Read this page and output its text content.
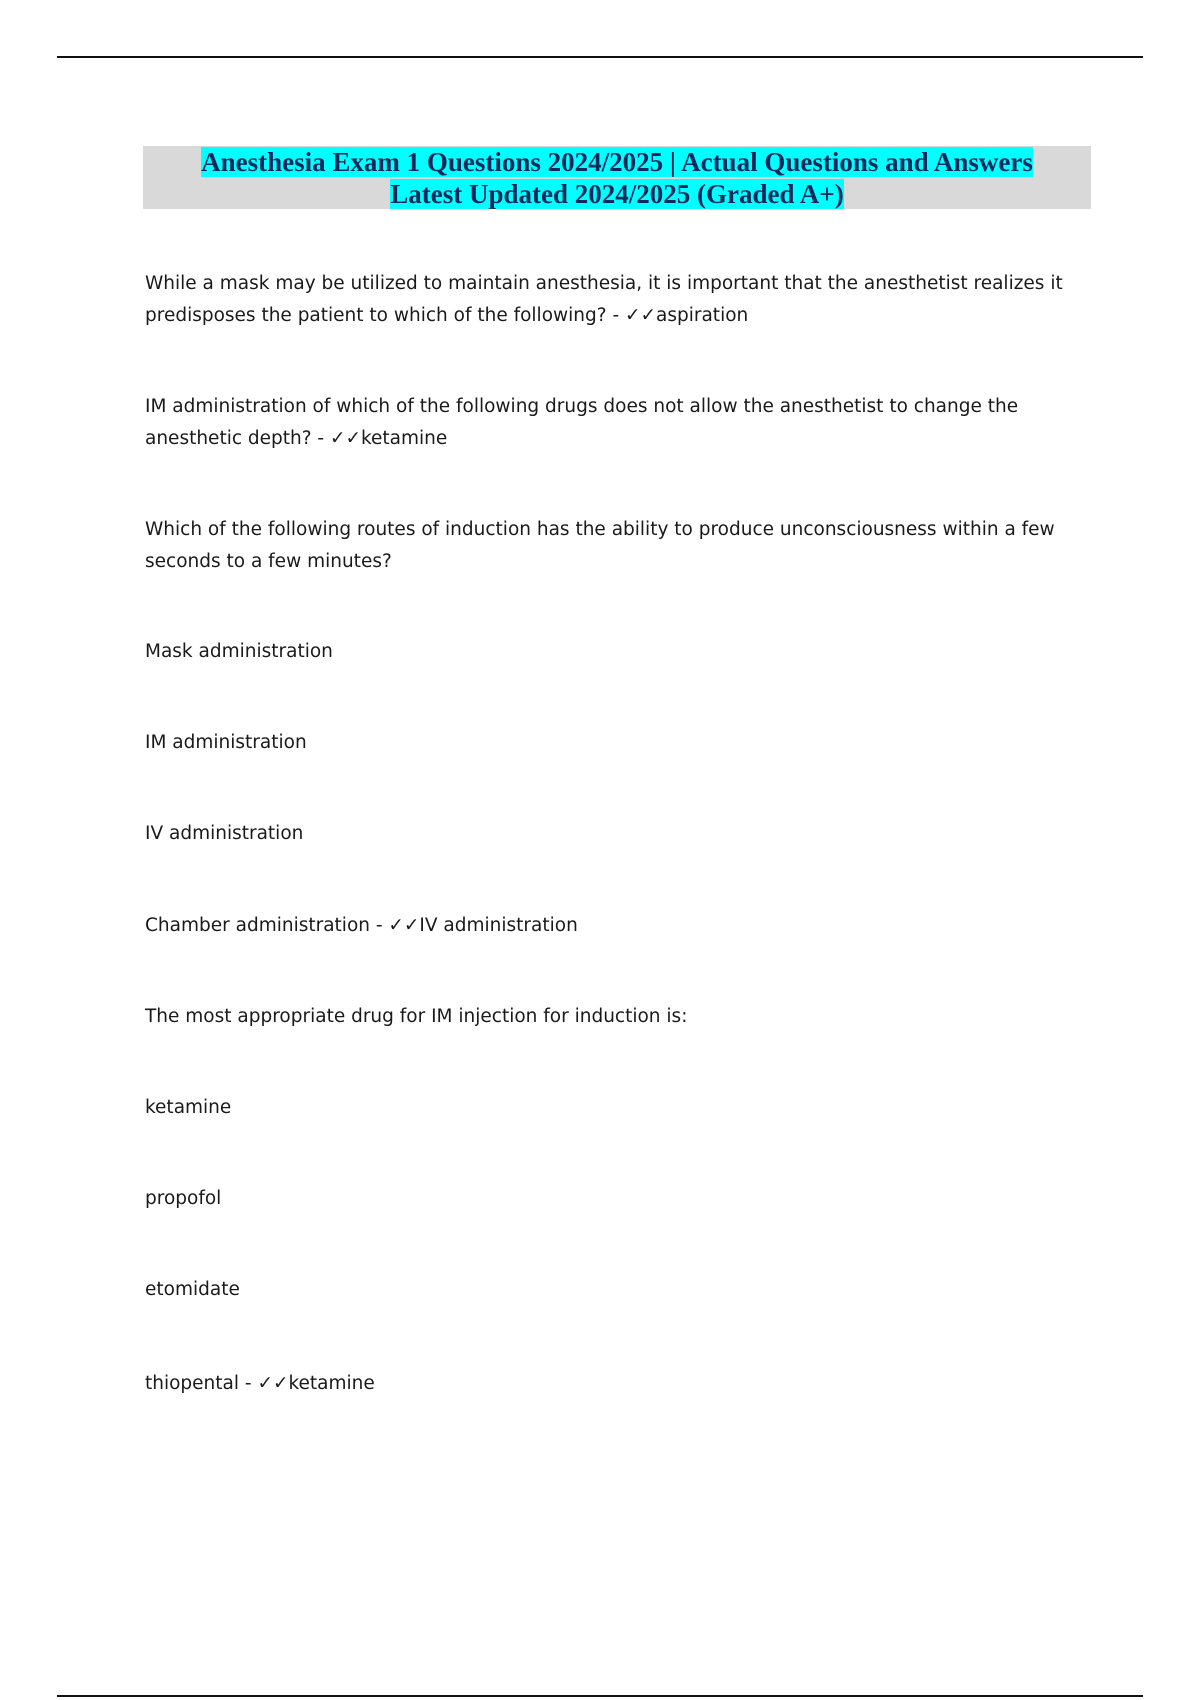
Anesthesia Exam 1 Questions 2024/2025 | Actual Questions and Answers
Latest Updated 2024/2025 (Graded A+)

While a mask may be utilized to maintain anesthesia, it is important that the anesthetist realizes it
predisposes the patient to which of the following? - ✓✓aspiration

IM administration of which of the following drugs does not allow the anesthetist to change the
anesthetic depth? - ✓✓ketamine

Which of the following routes of induction has the ability to produce unconsciousness within a few
seconds to a few minutes?

Mask administration

IM administration

IV administration

Chamber administration - ✓✓IV administration

The most appropriate drug for IM injection for induction is:

ketamine

propofol

etomidate

thiopental - ✓✓ketamine
